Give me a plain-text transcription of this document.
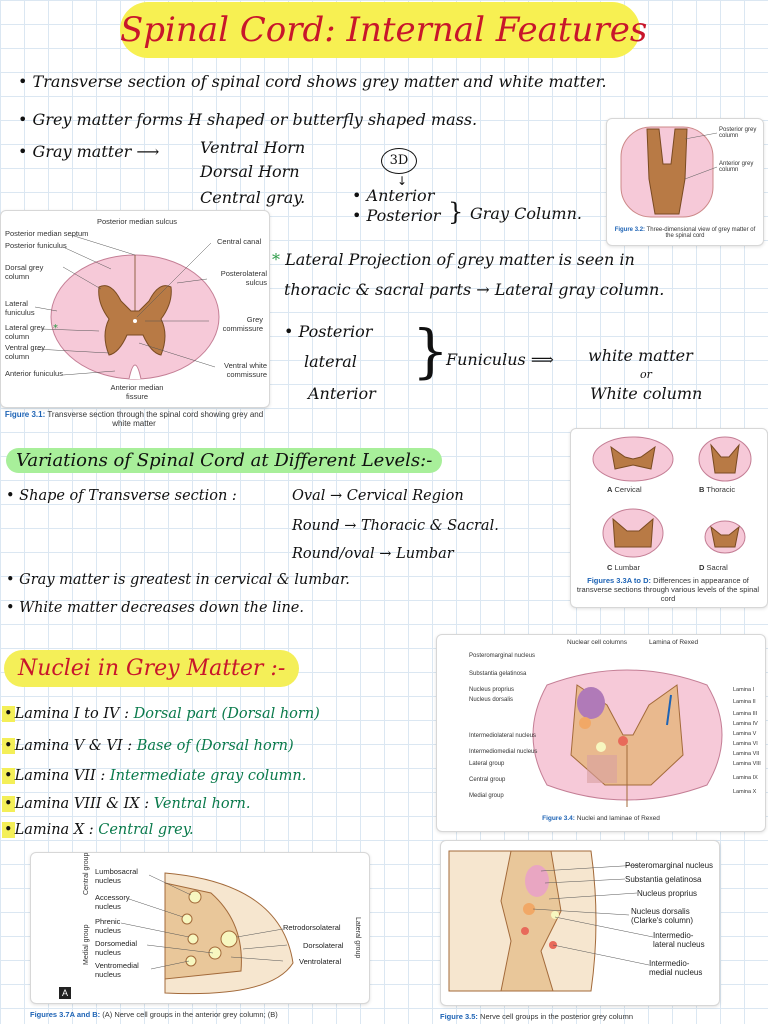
Spinal Cord: Internal Features
• Transverse section of spinal cord shows grey matter and white matter.
• Grey matter forms H shaped or butterfly shaped mass.
• Gray matter ⟶	Ventral Horn
Dorsal Horn
Central gray.
3D
↓
• Anterior
• Posterior } Gray Column.
Posterior grey column
Anterior grey column
Figure 3.2: Three-dimensional view of grey matter of the spinal cord
*
Posterior median sulcus
Posterior median septum
Posterior funiculus
Dorsal grey column
Lateral funiculus
Lateral grey column
Ventral grey column
Anterior funiculus
Central canal
Posterolateral sulcus
Grey commissure
Ventral white commissure
Anterior median fissure
Figure 3.1: Transverse section through the spinal cord showing grey and white matter
* Lateral Projection of grey matter is seen in
thoracic & sacral parts → Lateral gray column.
• Posterior
lateral
Anterior
}
Funiculus ⟹ white matter
or
White column
Variations of Spinal Cord at Different Levels:-
• Shape of Transverse section :	Oval → Cervical Region
Round → Thoracic & Sacral.
Round/oval → Lumbar
• Gray matter is greatest in cervical & lumbar.
• White matter decreases down the line.
A Cervical	B Thoracic
C Lumbar	D Sacral
Figures 3.3A to D: Differences in appearance of transverse sections through various levels of the spinal cord
Nuclei in Grey Matter :-
• Lamina I to IV : Dorsal part (Dorsal horn)
• Lamina V & VI : Base of (Dorsal horn)
• Lamina VII : Intermediate gray column.
• Lamina VIII & IX : Ventral horn.
• Lamina X : Central grey.
Nuclear cell columns	Lamina of Rexed
Posteromarginal nucleus
Substantia gelatinosa
Nucleus proprius
Nucleus dorsalis
Intermediolateral nucleus
Intermediomedial nucleus
Lateral group
Central group
Medial group
Lamina I
Lamina II
Lamina III
Lamina IV
Lamina V
Lamina VI
Lamina VII
Lamina VIII
Lamina IX
Lamina X
Figure 3.4: Nuclei and laminae of Rexed
Central group
Medial group	Lateral group
Lumbosacral nucleus
Accessory nucleus
Phrenic nucleus
Dorsomedial nucleus
Ventromedial nucleus
Retrodorsolateral
Dorsolateral
Ventrolateral
A
Figures 3.7A and B: (A) Nerve cell groups in the anterior grey column; (B)
Posteromarginal nucleus
Substantia gelatinosa
Nucleus proprius
Nucleus dorsalis (Clarke's column)
Intermedio-lateral nucleus
Intermedio-medial nucleus
Figure 3.5: Nerve cell groups in the posterior grey column
